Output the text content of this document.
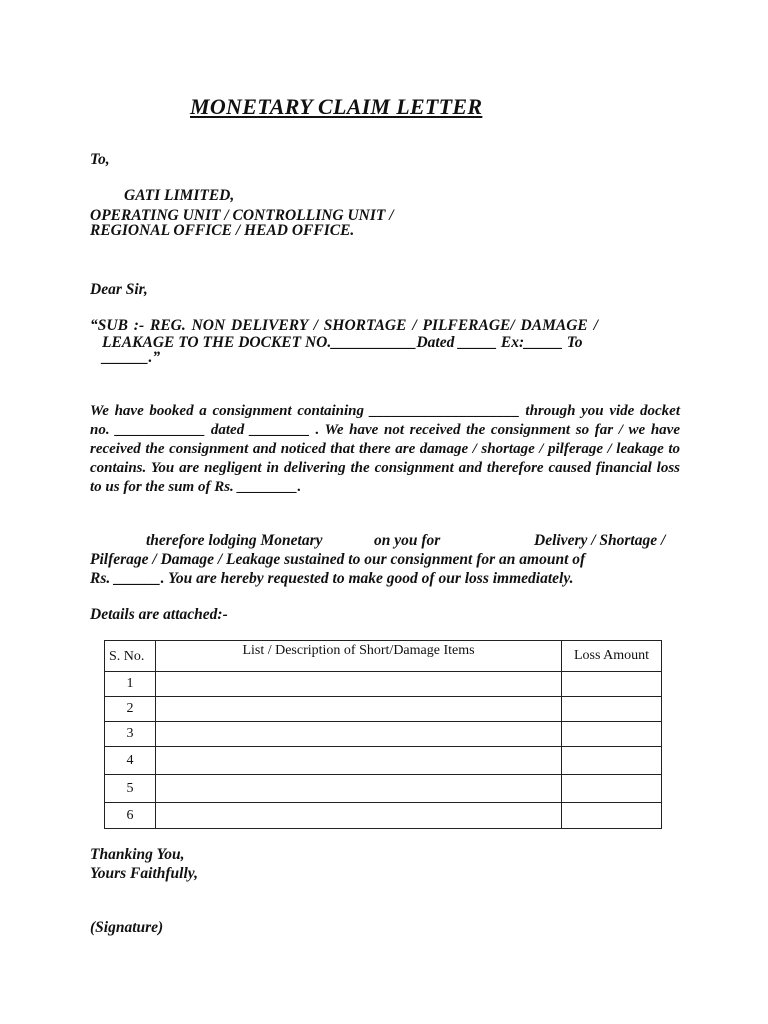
MONETARY CLAIM LETTER
To,
GATI LIMITED,
OPERATING UNIT / CONTROLLING UNIT /
REGIONAL OFFICE / HEAD OFFICE.
Dear Sir,
“SUB :- REG. NON DELIVERY / SHORTAGE / PILFERAGE/ DAMAGE /
LEAKAGE TO THE DOCKET NO.___________Dated _____ Ex:_____ To
______.”
We have booked a consignment containing ____________________ through you vide docket no. ____________ dated ________ . We have not received the consignment so far / we have received the consignment and noticed that there are damage / shortage / pilferage / leakage to contains. You are negligent in delivering the consignment and therefore caused financial loss to us for the sum of Rs. ________.
therefore lodging Monetary	on you for	Delivery / Shortage /
Pilferage / Damage / Leakage sustained to our consignment for an amount of
Rs. ______. You are hereby requested to make good of our loss immediately.
Details are attached:-
S. No.	List / Description of Short/Damage Items	Loss Amount
1		
2		
3		
4		
5		
6		
Thanking You,
Yours Faithfully,
(Signature)
